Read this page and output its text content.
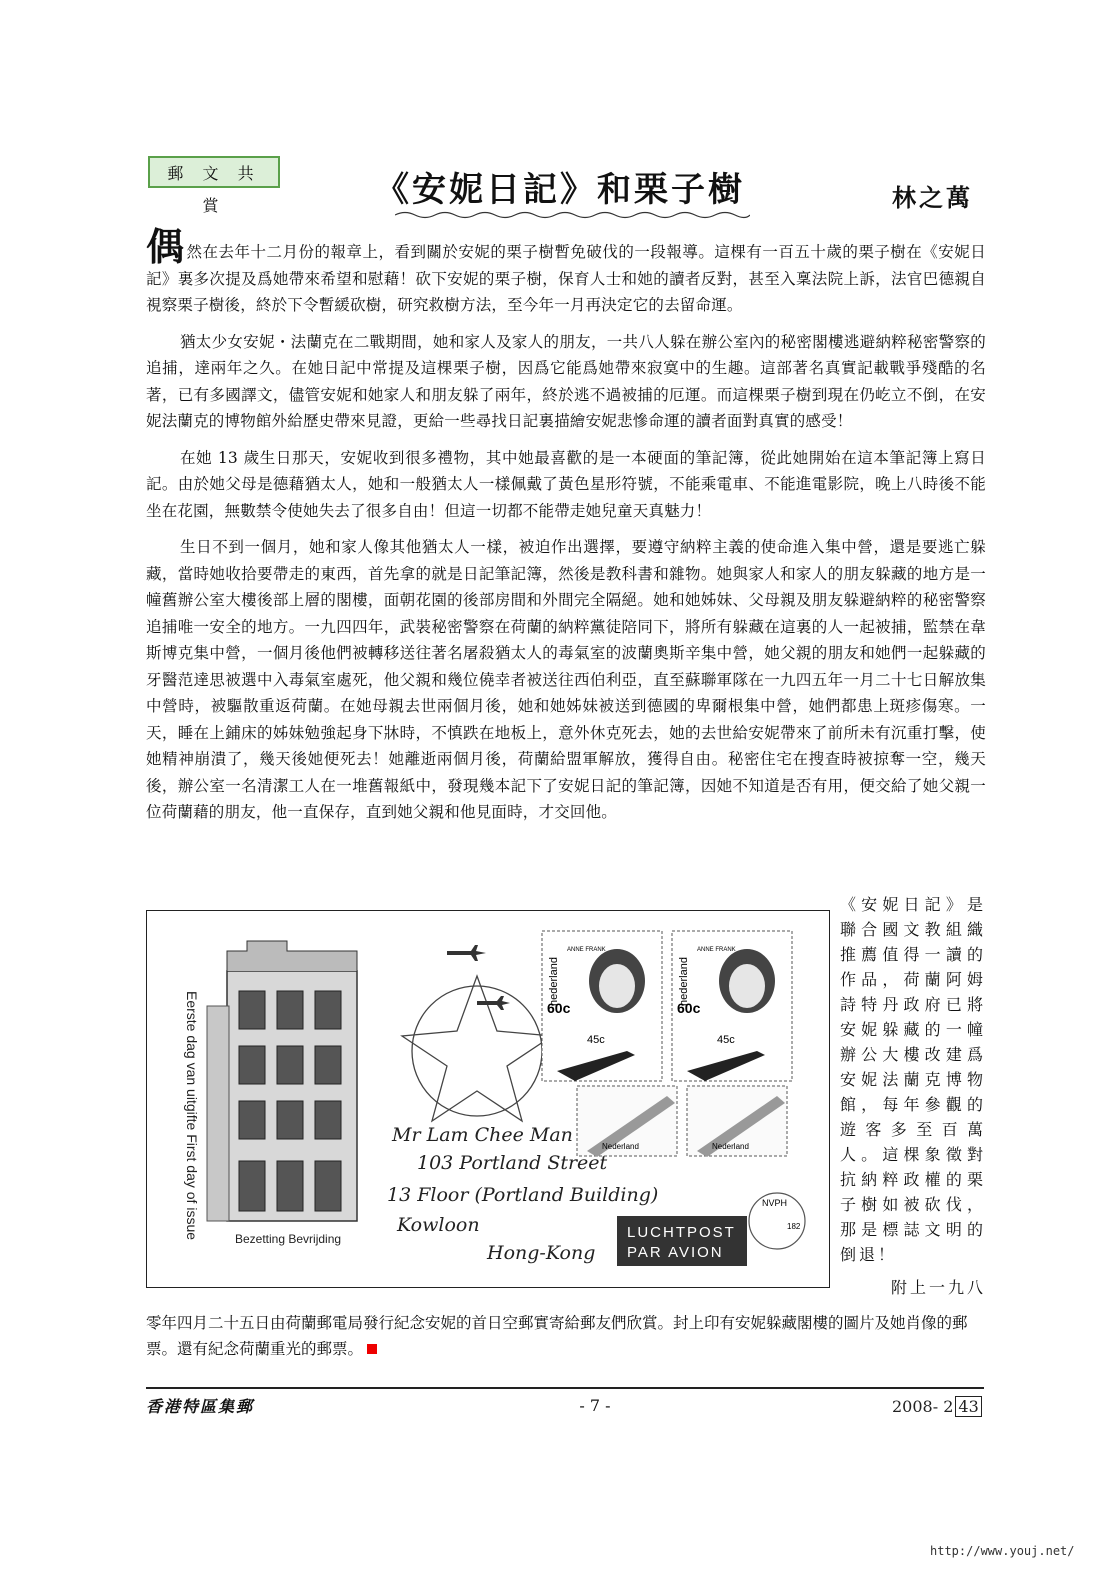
郵 文 共 賞	《安妮日記》和栗子樹	林之萬

偶然在去年十二月份的報章上，看到關於安妮的栗子樹暫免破伐的一段報導。這棵有一百五十歲的栗子樹在《安妮日記》裏多次提及爲她帶來希望和慰藉！砍下安妮的栗子樹，保育人士和她的讀者反對，甚至入稟法院上訴，法官巴德親自視察栗子樹後，終於下令暫緩砍樹，研究救樹方法，至今年一月再決定它的去留命運。

猶太少女安妮・法蘭克在二戰期間，她和家人及家人的朋友，一共八人躲在辦公室內的秘密閣樓逃避納粹秘密警察的追捕，達兩年之久。在她日記中常提及這棵栗子樹，因爲它能爲她帶來寂寞中的生趣。這部著名真實記載戰爭殘酷的名著，已有多國譯文，儘管安妮和她家人和朋友躲了兩年，終於逃不過被捕的厄運。而這棵栗子樹到現在仍屹立不倒，在安妮法蘭克的博物館外給歷史帶來見證，更給一些尋找日記裏描繪安妮悲慘命運的讀者面對真實的感受！

在她 13 歲生日那天，安妮收到很多禮物，其中她最喜歡的是一本硬面的筆記簿，從此她開始在這本筆記簿上寫日記。由於她父母是德藉猶太人，她和一般猶太人一樣佩戴了黃色星形符號，不能乘電車、不能進電影院，晚上八時後不能坐在花園，無數禁令使她失去了很多自由！但這一切都不能帶走她兒童天真魅力！

生日不到一個月，她和家人像其他猶太人一樣，被迫作出選擇，要遵守納粹主義的使命進入集中營，還是要逃亡躲藏，當時她收拾要帶走的東西，首先拿的就是日記筆記簿，然後是教科書和雜物。她與家人和家人的朋友躲藏的地方是一幢舊辦公室大樓後部上層的閣樓，面朝花園的後部房間和外間完全隔絕。她和她姊妹、父母親及朋友躲避納粹的秘密警察追捕唯一安全的地方。一九四四年，武裝秘密警察在荷蘭的納粹黨徒陪同下，將所有躲藏在這裏的人一起被捕，監禁在韋斯博克集中營，一個月後他們被轉移送往著名屠殺猶太人的毒氣室的波蘭奧斯辛集中營，她父親的朋友和她們一起躲藏的牙醫范達思被選中入毒氣室處死，他父親和幾位僥幸者被送往西伯利亞，直至蘇聯軍隊在一九四五年一月二十七日解放集中營時，被驅散重返荷蘭。在她母親去世兩個月後，她和她姊妹被送到德國的卑爾根集中營，她們都患上斑疹傷寒。一天，睡在上鋪床的姊妹勉強起身下牀時，不慎跌在地板上，意外休克死去，她的去世給安妮帶來了前所未有沉重打擊，使她精神崩潰了，幾天後她便死去！她離逝兩個月後，荷蘭給盟軍解放，獲得自由。秘密住宅在搜查時被掠奪一空，幾天後，辦公室一名清潔工人在一堆舊報紙中，發現幾本記下了安妮日記的筆記簿，因她不知道是否有用，便交給了她父親一位荷蘭藉的朋友，他一直保存，直到她父親和他見面時，才交回他。

Eerste dag van uitgifte First day of issue	Bezetting Bevrijding
nederland
ANNE FRANK
60c
45c
nederland
ANNE FRANK
60c
45c
Nederland	Nederland
Mr Lam Chee Man
103 Portland Street
13 Floor (Portland Building)
Kowloon
Hong-Kong
LUCHTPOST
PAR AVION
NVPH
182
《安妮日記》是聯合國文教組織推薦值得一讀的作品，荷蘭阿姆詩特丹政府已將安妮躲藏的一幢辦公大樓改建爲安妮法蘭克博物館，每年參觀的遊客多至百萬人。這棵象徵對抗納粹政權的栗子樹如被砍伐，那是標誌文明的倒退！
附上一九八
零年四月二十五日由荷蘭郵電局發行紀念安妮的首日空郵實寄給郵友們欣賞。封上印有安妮躲藏閣樓的圖片及她肖像的郵票。還有紀念荷蘭重光的郵票。
香港特區集郵	- 7 -	2008- 2 43
http://www.youj.net/
